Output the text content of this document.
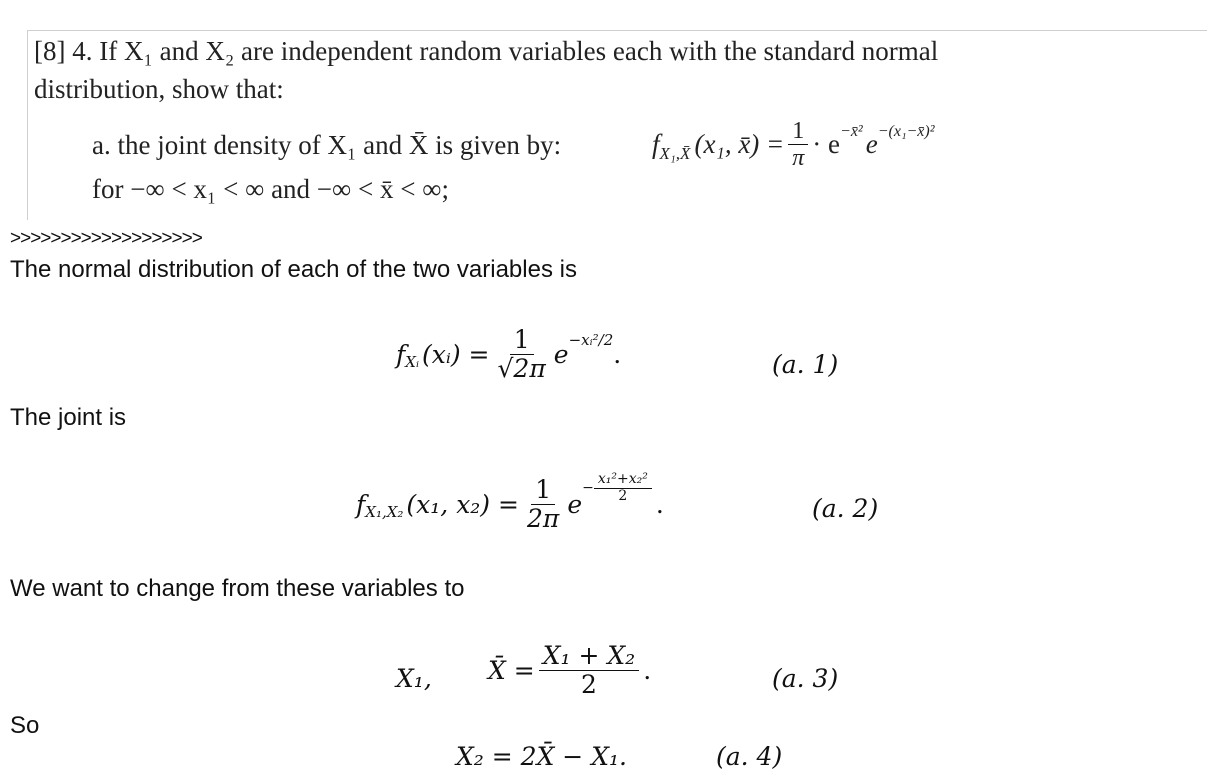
[8] 4. If X₁ and X₂ are independent random variables each with the standard normal
distribution, show that:
a. the joint density of X₁ and X̄ is given by:	f X₁,X̄ (x₁, x̄) = $\frac{1}{\pi} \cdot e$ −x̄² e −(x₁−x̄)²
for −∞ < x₁ < ∞ and −∞ < x̄ < ∞;
>>>>>>>>>>>>>>>>>>>
The normal distribution of each of the two variables is
f Xᵢ (xᵢ) = $\frac{1}{√2\pi}$ e −xᵢ²/2 .	(a. 1)
The joint is
f X₁,X₂ (x₁, $x_2) = \frac{1}{2\pi}$ e
− $\frac{\text{x₁²+x₂²}}{2}$
.	(a. 2)
We want to change from these variables to
X₁, X̄ = $\frac{\text{X₁ + X₂}}{2}$ .	(a. 3)
So
X₂ = 2X̄ − X₁.	(a. 4)
